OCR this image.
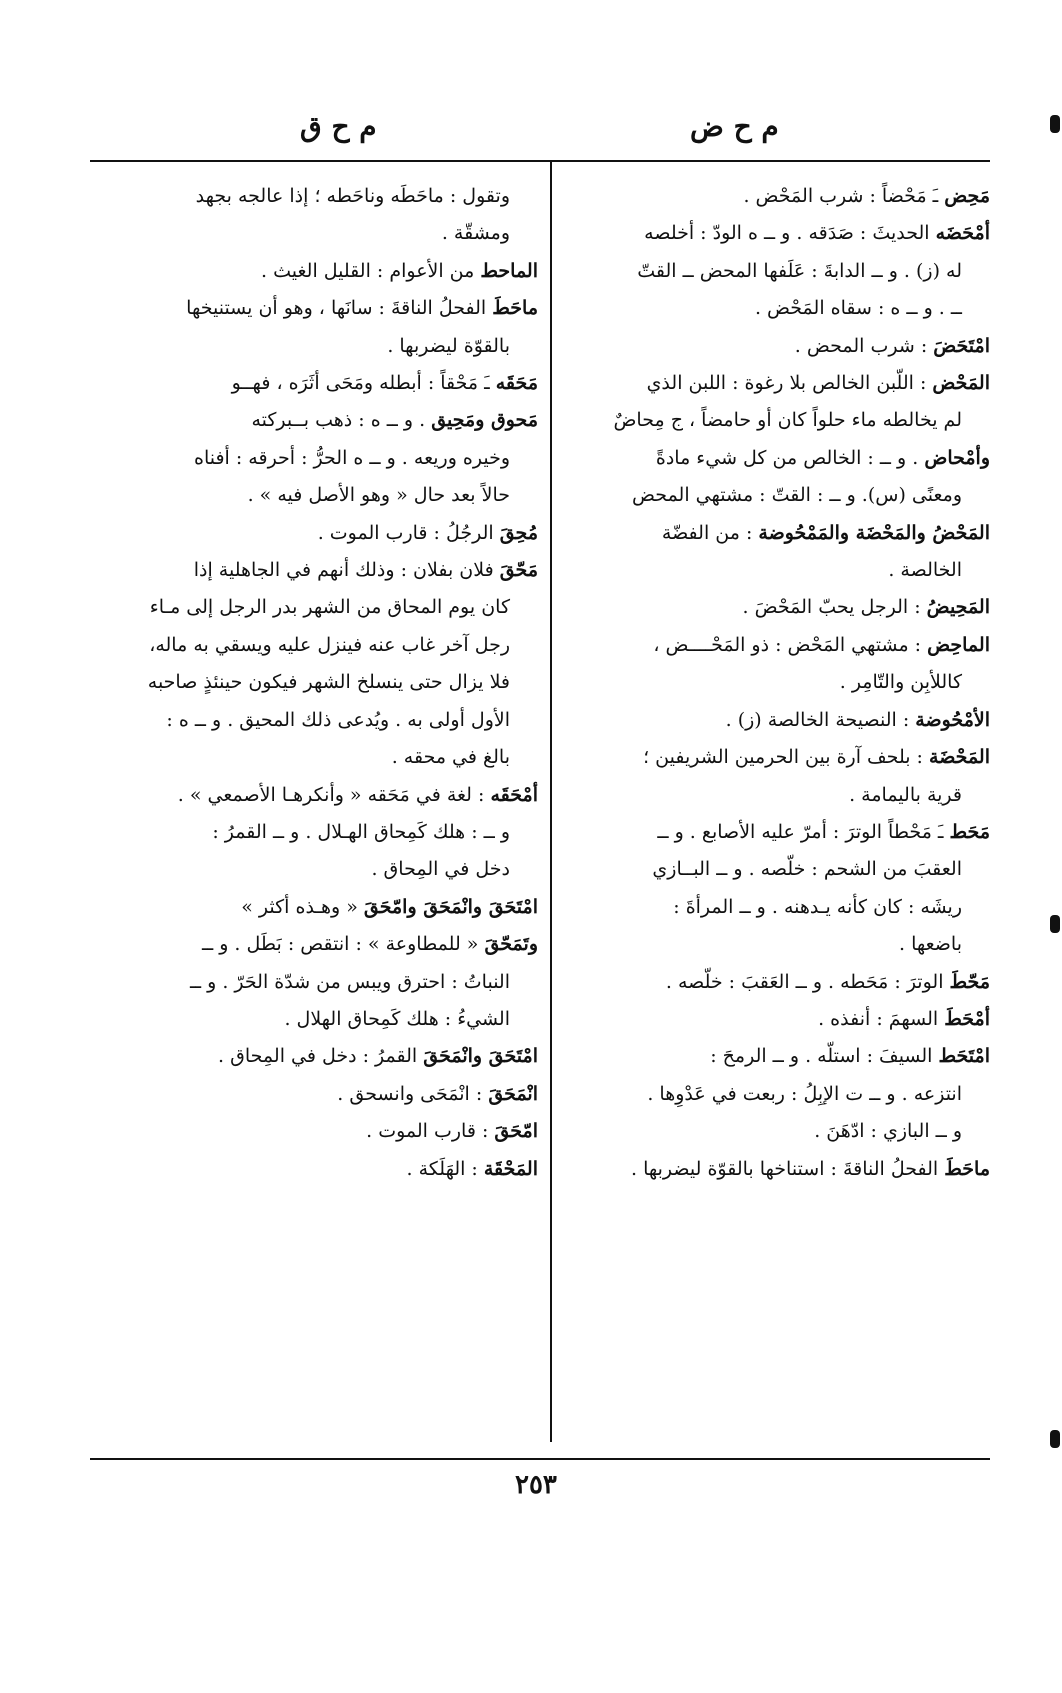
م ح ض
م ح ق

مَحِض ـَ مَحْضاً : شرب المَحْض .

أمْحَضَه الحديثَ : صَدَقه . و ــ ه الودّ : أخلصه

له (ز) . و ــ الدابةَ : عَلَفها المحض ــ القتّ

ــ . و ــ ه : سقاه المَحْض .

امْتَحَضَ : شرب المحض .

المَحْض : اللّبن الخالص بلا رغوة : اللبن الذي

لم يخالطه ماء حلواً كان أو حامضاً ، ج مِحاضٌ

وأمْحاض . و ــ : الخالص من كل شيء مادةً

ومعنًى (س). و ــ : القتّ : مشتهي المحض

المَحْضُ والمَحْضَة والمَمْحُوضة : من الفضّة

الخالصة .

المَحِيضُ : الرجل يحبّ المَحْضَ .

الماحِض : مشتهي المَحْض : ذو المَحْــــض ،

كاللأبِن والتّامِر .

الأمْحُوضة : النصيحة الخالصة (ز) .

المَحْضَة : بلحف آرة بين الحرمين الشريفين ؛

قرية باليمامة .

مَحَط ـَ مَحْطاً الوترَ : أمرّ عليه الأصابع . و ــ

العقبَ من الشحم : خلّصه . و ــ البــازي

ريشَه : كان كأنه يـدهنه . و ــ المرأةَ :

باضعها .

مَحّطَ الوترَ : مَحَطه . و ــ العَقبَ : خلّصه .

أمْحَطَ السهمَ : أنفذه .

امْتَحَط السيفَ : استلّه . و ــ الرمحَ :

انتزعه . و ــ ت الإبِلُ : ربعت في عَدْوِها .

و ــ البازي : ادّهَنَ .

ماحَطَ الفحلُ الناقةَ : استناخها بالقوّة ليضربها .

وتقول : ماحَطَه وناحَطه ؛ إذا عالجه بجهد

ومشقّة .

الماحط من الأعوام : القليل الغيث .

ماحَطَ الفحلُ الناقةَ : سانَها ، وهو أن يستنيخها

بالقوّة ليضربها .

مَحَقَه ـَ مَحْقاً : أبطله ومَحَى أثَرَه ، فهــو

مَحوق ومَحِيق . و ــ ه : ذهب بــبركته

وخيره وريعه . و ــ ه الحرُّ : أحرقه : أفناه

حالاً بعد حال « وهو الأصل فيه » .

مُحِقَ الرجُلُ : قارب الموت .

مَحّقَ فلان بفلان : وذلك أنهم في الجاهلية إذا

كان يوم المحاق من الشهر بدر الرجل إلى مـاء

رجل آخر غاب عنه فينزل عليه ويسقي به ماله،

فلا يزال حتى ينسلخ الشهر فيكون حينئذٍ صاحبه

الأول أولى به . ويُدعى ذلك المحيق . و ــ ه :

بالغ في محقه .

أمْحَقَه : لغة في مَحَقه « وأنكرهـا الأصمعي » .

و ــ : هلك كَمِحاق الهـلال . و ــ القمرُ :

دخل في المِحاق .

امْتَحَقَ وانْمَحَقَ وامّحَقَ « وهـذه أكثر »

وتَمَحّقَ « للمطاوعة » : انتقص : بَطَل . و ــ

النباتُ : احترق ويبس من شدّة الحَرّ . و ــ

الشيءُ : هلك كَمِحاق الهلال .

امْتَحَقَ وانْمَحَقَ القمرُ : دخل في المِحاق .

انْمَحَقَ : انْمَحَى وانسحق .

امّحَقَ : قارب الموت .

المَحْقَة : الهَلَكة .

٢٥٣
